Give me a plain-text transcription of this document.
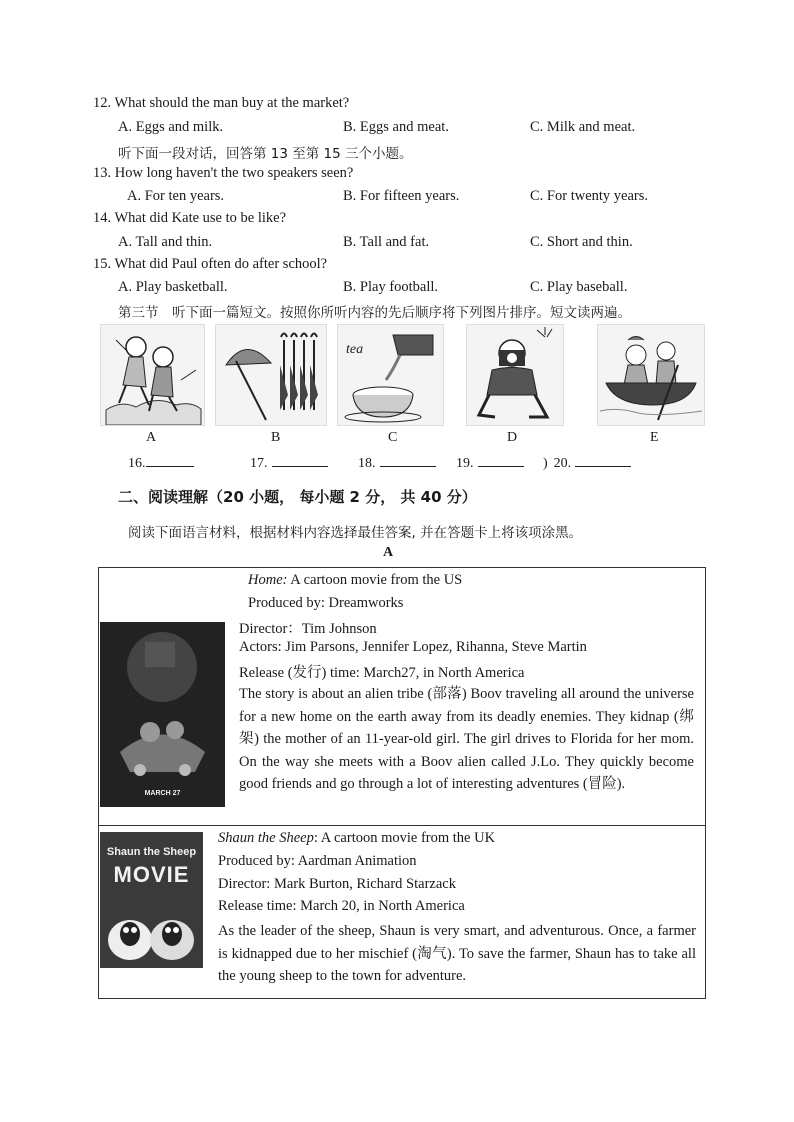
12. What should the man buy at the market?
A. Eggs and milk.	B. Eggs and meat.	C. Milk and meat.
听下面一段对话，回答第 13 至第 15 三个小题。
13. How long haven't the two speakers seen?
A. For ten years.	B. For fifteen years.	C. For twenty years.
14. What did Kate use to be like?
A. Tall and thin.	B. Tall and fat.	C. Short and thin.
15. What did Paul often do after school?
A. Play basketball.	B. Play football.	C. Play baseball.
第三节　听下面一篇短文。按照你所听内容的先后顺序将下列图片排序。短文读两遍。
tea
A	B	C	D	E
16.	17.	18.	19.	) 20.
二、阅读理解（20 小题， 每小题 2 分， 共 40 分）
阅读下面语言材料，根据材料内容选择最佳答案, 并在答题卡上将该项涂黑。
A
MARCH 27
Home: A cartoon movie from the US
Produced by: Dreamworks
Director：Tim Johnson
Actors: Jim Parsons, Jennifer Lopez, Rihanna, Steve Martin
Release (发行) time: March27, in North America
The story is about an alien tribe (部落) Boov traveling all around the universe for a new home on the earth away from its deadly enemies. They kidnap (绑架) the mother of an 11-year-old girl. The girl drives to Florida for her mom. On the way she meets with a Boov alien called J.Lo. They quickly become good friends and go through a lot of interesting adventures (冒险).
Shaun the Sheep
MOVIE
Shaun the Sheep: A cartoon movie from the UK
Produced by: Aardman Animation
Director: Mark Burton, Richard Starzack
Release time: March 20, in North America
As the leader of the sheep, Shaun is very smart, and adventurous. Once, a farmer is kidnapped due to her mischief (淘气). To save the farmer, Shaun has to take all the young sheep to the town for adventure.
